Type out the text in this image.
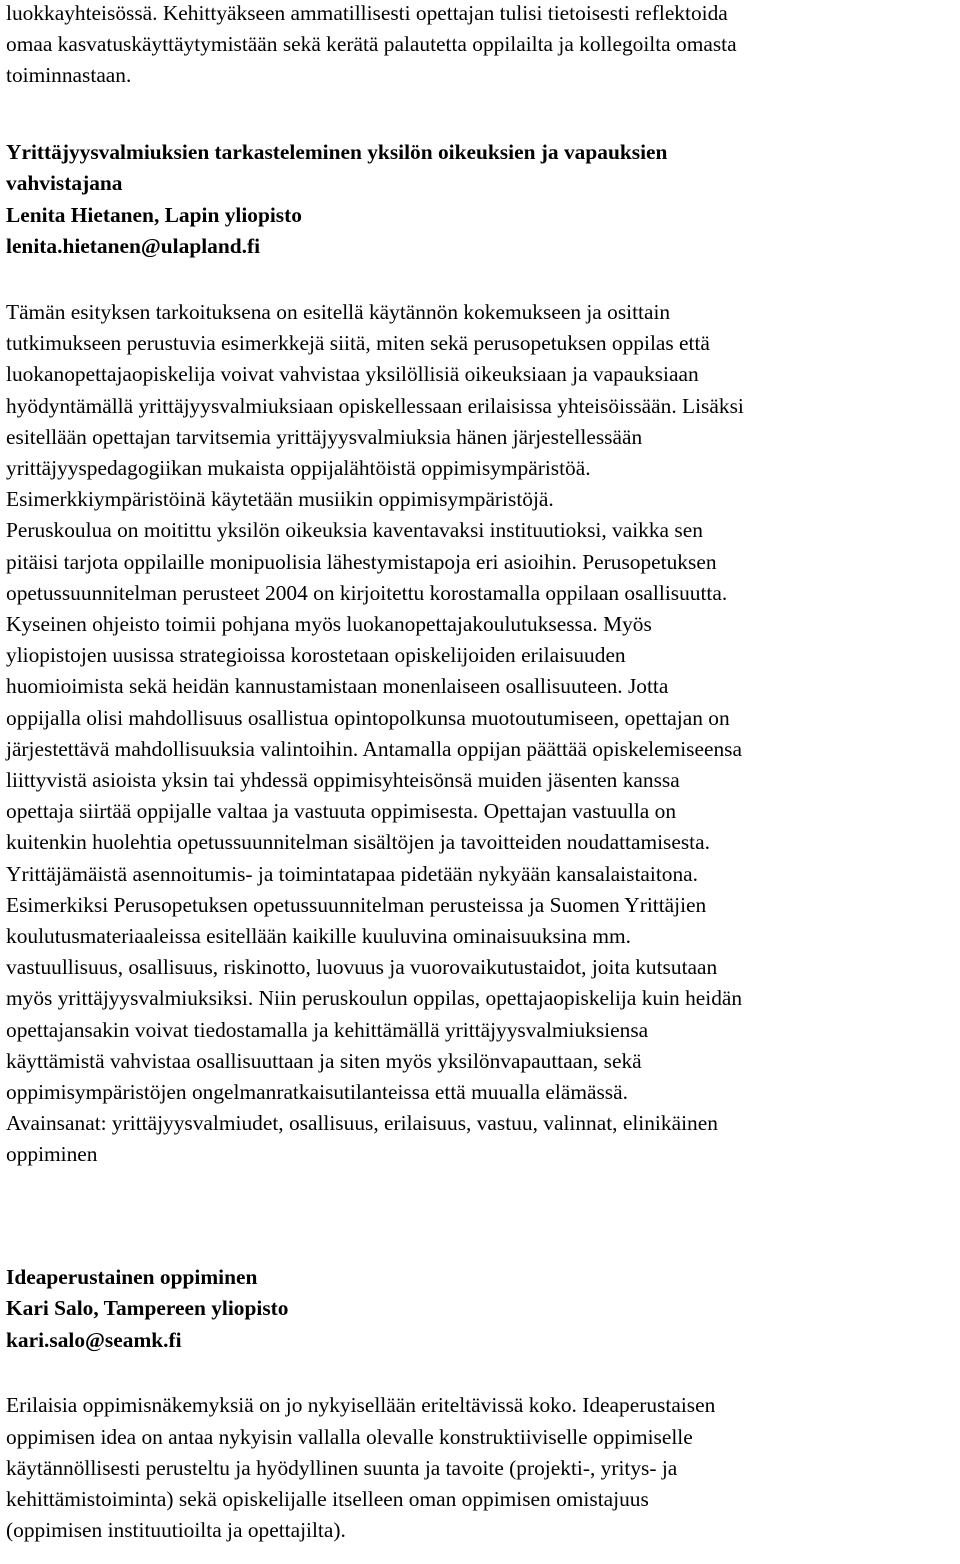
luokkayhteisössä. Kehittyäkseen ammatillisesti opettajan tulisi tietoisesti reflektoida
omaa kasvatuskäyttäytymistään sekä kerätä palautetta oppilailta ja kollegoilta omasta
toiminnastaan.
Yrittäjyysvalmiuksien tarkasteleminen yksilön oikeuksien ja vapauksien
vahvistajana
Lenita Hietanen, Lapin yliopisto
lenita.hietanen@ulapland.fi
Tämän esityksen tarkoituksena on esitellä käytännön kokemukseen ja osittain
tutkimukseen perustuvia esimerkkejä siitä, miten sekä perusopetuksen oppilas että
luokanopettajaopiskelija voivat vahvistaa yksilöllisiä oikeuksiaan ja vapauksiaan
hyödyntämällä yrittäjyysvalmiuksiaan opiskellessaan erilaisissa yhteisöissään. Lisäksi
esitellään opettajan tarvitsemia yrittäjyysvalmiuksia hänen järjestellessään
yrittäjyyspedagogiikan mukaista oppijalähtöistä oppimisympäristöä.
Esimerkkiympäristöinä käytetään musiikin oppimisympäristöjä.
Peruskoulua on moitittu yksilön oikeuksia kaventavaksi instituutioksi, vaikka sen
pitäisi tarjota oppilaille monipuolisia lähestymistapoja eri asioihin. Perusopetuksen
opetussuunnitelman perusteet 2004 on kirjoitettu korostamalla oppilaan osallisuutta.
Kyseinen ohjeisto toimii pohjana myös luokanopettajakoulutuksessa. Myös
yliopistojen uusissa strategioissa korostetaan opiskelijoiden erilaisuuden
huomioimista sekä heidän kannustamistaan monenlaiseen osallisuuteen. Jotta
oppijalla olisi mahdollisuus osallistua opintopolkunsa muotoutumiseen, opettajan on
järjestettävä mahdollisuuksia valintoihin. Antamalla oppijan päättää opiskelemiseensa
liittyvistä asioista yksin tai yhdessä oppimisyhteisönsä muiden jäsenten kanssa
opettaja siirtää oppijalle valtaa ja vastuuta oppimisesta. Opettajan vastuulla on
kuitenkin huolehtia opetussuunnitelman sisältöjen ja tavoitteiden noudattamisesta.
Yrittäjämäistä asennoitumis- ja toimintatapaa pidetään nykyään kansalaistaitona.
Esimerkiksi Perusopetuksen opetussuunnitelman perusteissa ja Suomen Yrittäjien
koulutusmateriaaleissa esitellään kaikille kuuluvina ominaisuuksina mm.
vastuullisuus, osallisuus, riskinotto, luovuus ja vuorovaikutustaidot, joita kutsutaan
myös yrittäjyysvalmiuksiksi. Niin peruskoulun oppilas, opettajaopiskelija kuin heidän
opettajansakin voivat tiedostamalla ja kehittämällä yrittäjyysvalmiuksiensa
käyttämistä vahvistaa osallisuuttaan ja siten myös yksilönvapauttaan, sekä
oppimisympäristöjen ongelmanratkaisutilanteissa että muualla elämässä.
Avainsanat: yrittäjyysvalmiudet, osallisuus, erilaisuus, vastuu, valinnat, elinikäinen
oppiminen
Ideaperustainen oppiminen
Kari Salo, Tampereen yliopisto
kari.salo@seamk.fi
Erilaisia oppimisnäkemyksiä on jo nykyisellään eriteltävissä koko. Ideaperustaisen
oppimisen idea on antaa nykyisin vallalla olevalle konstruktiiviselle oppimiselle
käytännöllisesti perusteltu ja hyödyllinen suunta ja tavoite (projekti-, yritys- ja
kehittämistoiminta) sekä opiskelijalle itselleen oman oppimisen omistajuus
(oppimisen instituutioilta ja opettajilta).
